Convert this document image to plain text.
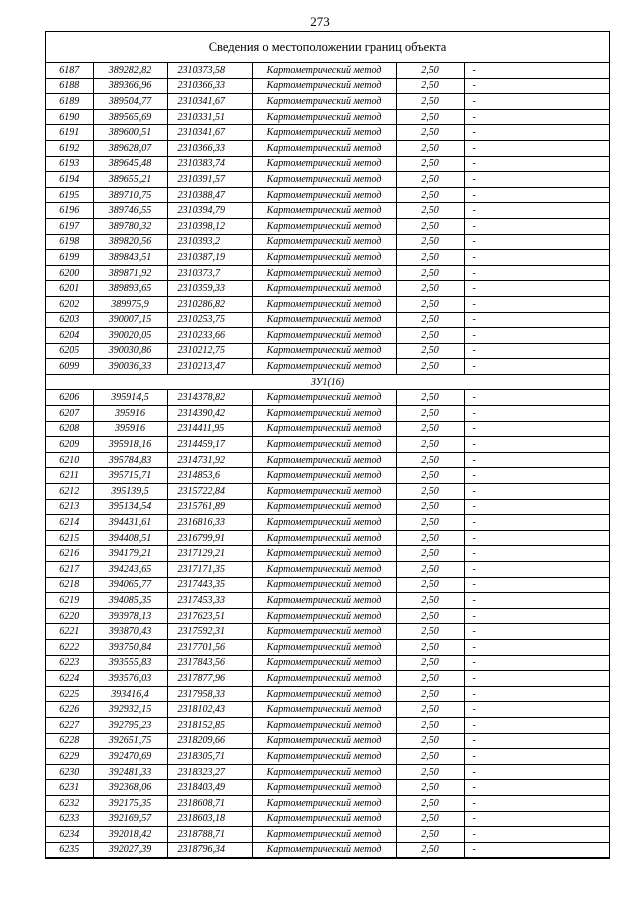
273
Сведения о местоположении границ объекта
6187	389282,82	2310373,58	Картометрический метод	2,50	-
6188	389366,96	2310366,33	Картометрический метод	2,50	-
6189	389504,77	2310341,67	Картометрический метод	2,50	-
6190	389565,69	2310331,51	Картометрический метод	2,50	-
6191	389600,51	2310341,67	Картометрический метод	2,50	-
6192	389628,07	2310366,33	Картометрический метод	2,50	-
6193	389645,48	2310383,74	Картометрический метод	2,50	-
6194	389655,21	2310391,57	Картометрический метод	2,50	-
6195	389710,75	2310388,47	Картометрический метод	2,50	-
6196	389746,55	2310394,79	Картометрический метод	2,50	-
6197	389780,32	2310398,12	Картометрический метод	2,50	-
6198	389820,56	2310393,2	Картометрический метод	2,50	-
6199	389843,51	2310387,19	Картометрический метод	2,50	-
6200	389871,92	2310373,7	Картометрический метод	2,50	-
6201	389893,65	2310359,33	Картометрический метод	2,50	-
6202	389975,9	2310286,82	Картометрический метод	2,50	-
6203	390007,15	2310253,75	Картометрический метод	2,50	-
6204	390020,05	2310233,66	Картометрический метод	2,50	-
6205	390030,86	2310212,75	Картометрический метод	2,50	-
6099	390036,33	2310213,47	Картометрический метод	2,50	-
ЗУ1(16)					
6206	395914,5	2314378,82	Картометрический метод	2,50	-
6207	395916	2314390,42	Картометрический метод	2,50	-
6208	395916	2314411,95	Картометрический метод	2,50	-
6209	395918,16	2314459,17	Картометрический метод	2,50	-
6210	395784,83	2314731,92	Картометрический метод	2,50	-
6211	395715,71	2314853,6	Картометрический метод	2,50	-
6212	395139,5	2315722,84	Картометрический метод	2,50	-
6213	395134,54	2315761,89	Картометрический метод	2,50	-
6214	394431,61	2316816,33	Картометрический метод	2,50	-
6215	394408,51	2316799,91	Картометрический метод	2,50	-
6216	394179,21	2317129,21	Картометрический метод	2,50	-
6217	394243,65	2317171,35	Картометрический метод	2,50	-
6218	394065,77	2317443,35	Картометрический метод	2,50	-
6219	394085,35	2317453,33	Картометрический метод	2,50	-
6220	393978,13	2317623,51	Картометрический метод	2,50	-
6221	393870,43	2317592,31	Картометрический метод	2,50	-
6222	393750,84	2317701,56	Картометрический метод	2,50	-
6223	393555,83	2317843,56	Картометрический метод	2,50	-
6224	393576,03	2317877,96	Картометрический метод	2,50	-
6225	393416,4	2317958,33	Картометрический метод	2,50	-
6226	392932,15	2318102,43	Картометрический метод	2,50	-
6227	392795,23	2318152,85	Картометрический метод	2,50	-
6228	392651,75	2318209,66	Картометрический метод	2,50	-
6229	392470,69	2318305,71	Картометрический метод	2,50	-
6230	392481,33	2318323,27	Картометрический метод	2,50	-
6231	392368,06	2318403,49	Картометрический метод	2,50	-
6232	392175,35	2318608,71	Картометрический метод	2,50	-
6233	392169,57	2318603,18	Картометрический метод	2,50	-
6234	392018,42	2318788,71	Картометрический метод	2,50	-
6235	392027,39	2318796,34	Картометрический метод	2,50	-
